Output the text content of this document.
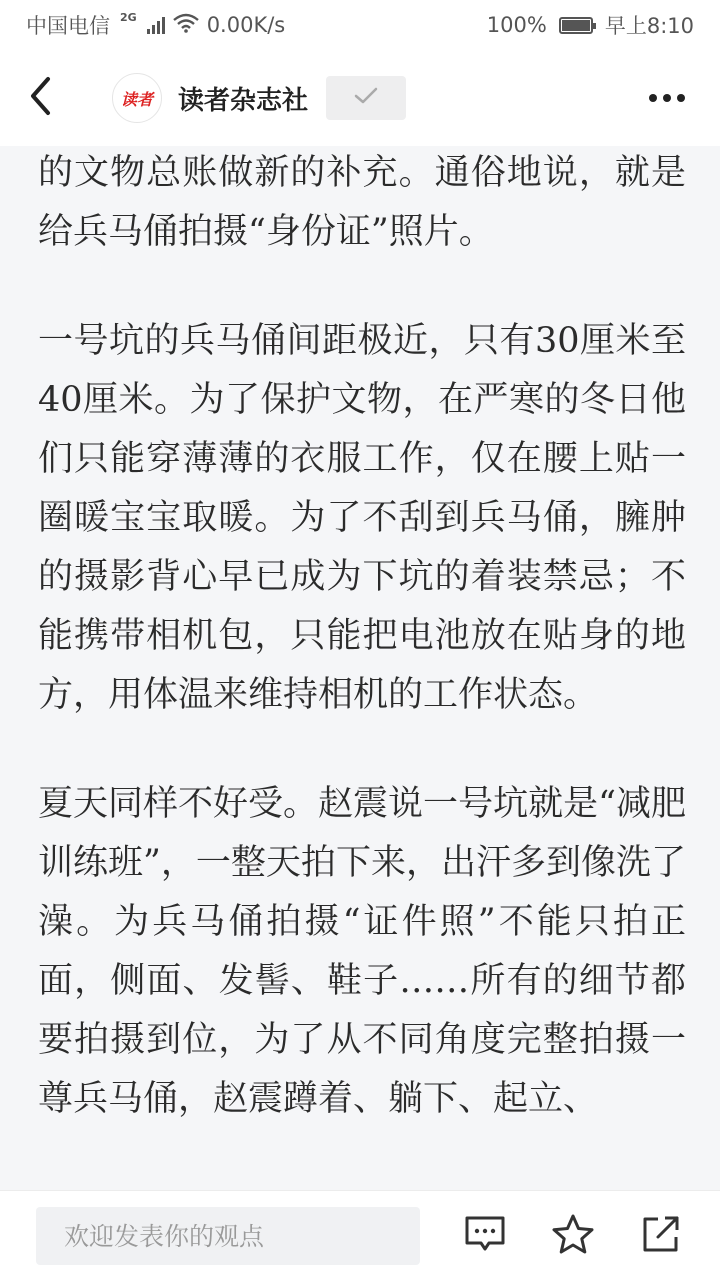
中国电信 2G	0.00K/s	100%	早上8:10
读者 读者杂志社

的文物总账做新的补充。通俗地说，就是给兵马俑拍摄“身份证”照片。

一号坑的兵马俑间距极近，只有30厘米至40厘米。为了保护文物，在严寒的冬日他们只能穿薄薄的衣服工作，仅在腰上贴一圈暖宝宝取暖。为了不刮到兵马俑，臃肿的摄影背心早已成为下坑的着装禁忌；不能携带相机包，只能把电池放在贴身的地方，用体温来维持相机的工作状态。

夏天同样不好受。赵震说一号坑就是“减肥训练班”，一整天拍下来，出汗多到像洗了澡。为兵马俑拍摄“证件照”不能只拍正面，侧面、发髻、鞋子……所有的细节都要拍摄到位，为了从不同角度完整拍摄一尊兵马俑，赵震蹲着、躺下、起立、

欢迎发表你的观点
